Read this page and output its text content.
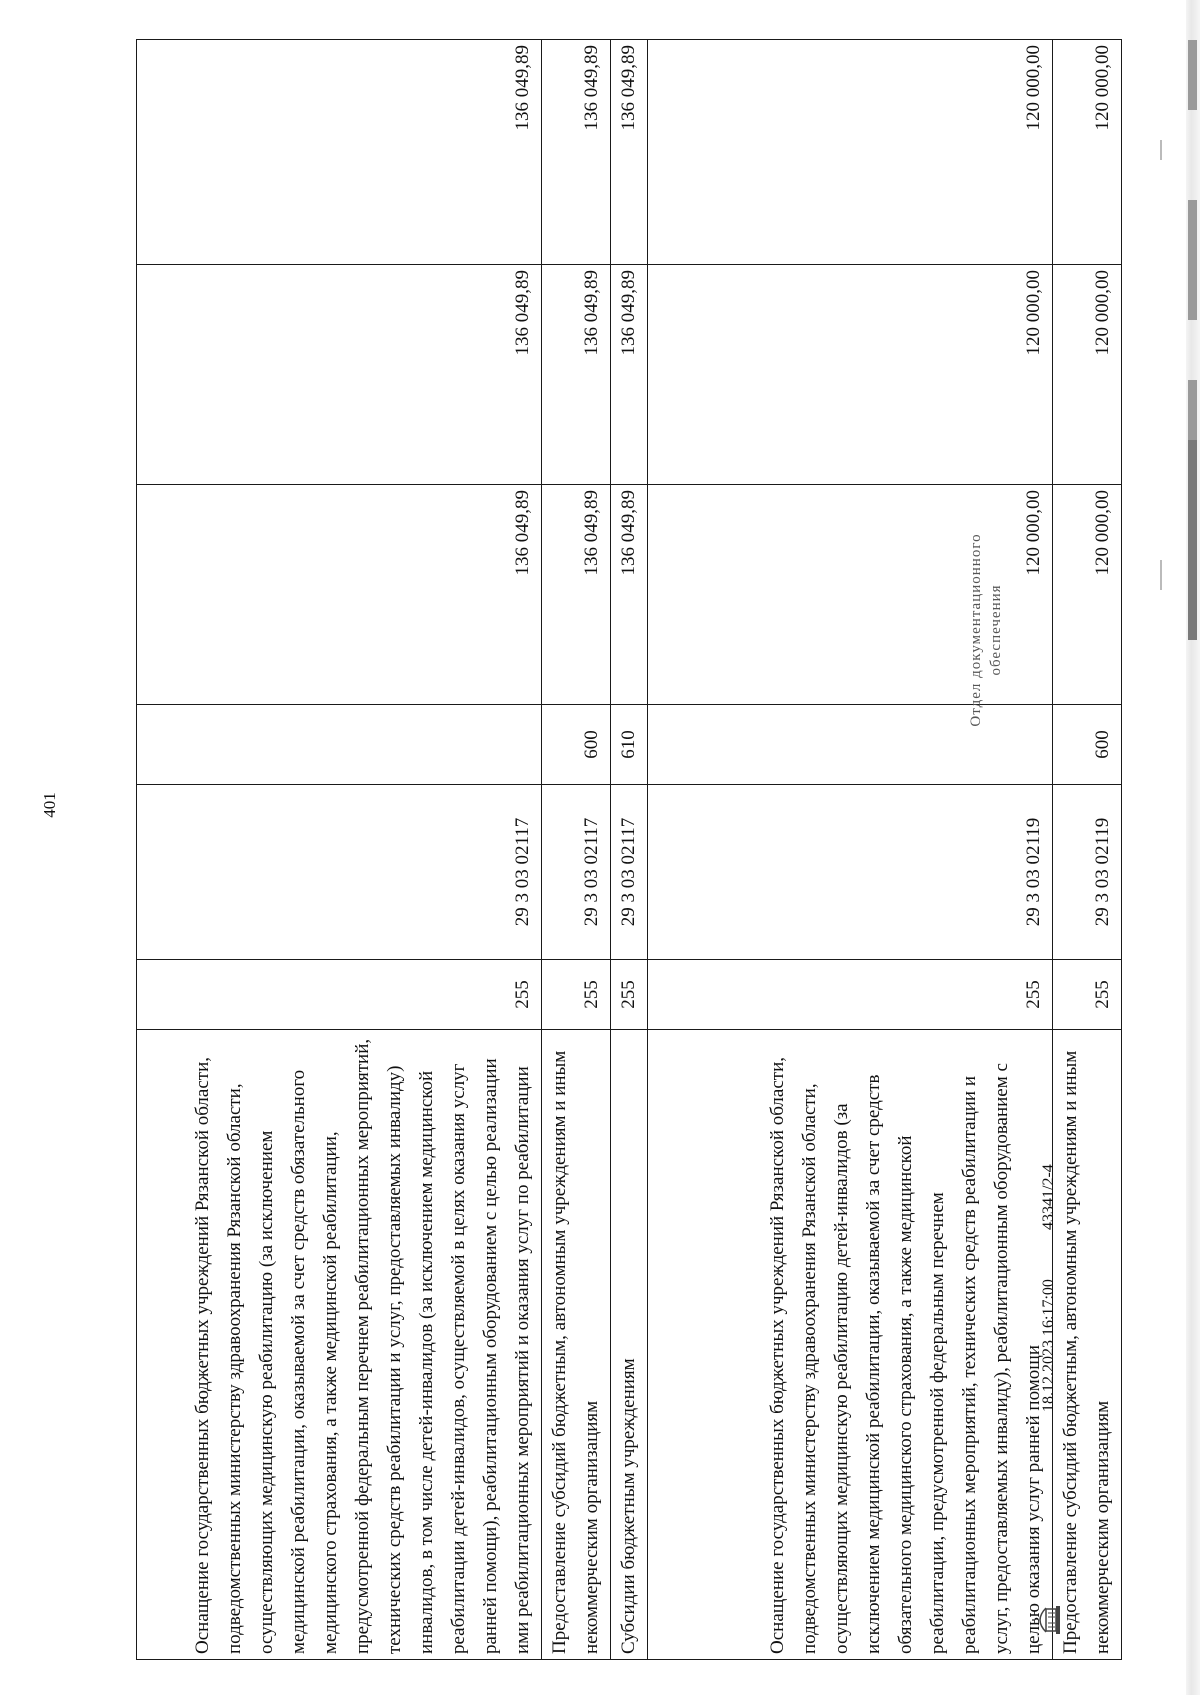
401
Оснащение государственных бюджетных учреждений Рязанской области, подведомственных министерству здравоохранения Рязанской области, осуществляющих медицинскую реабилитацию (за исключением медицинской реабилитации, оказываемой за счет средств обязательного медицинского страхования, а также медицинской реабилитации, предусмотренной федеральным перечнем реабилитационных мероприятий, технических средств реабилитации и услуг, предоставляемых инвалиду) инвалидов, в том числе детей-инвалидов (за исключением медицинской реабилитации детей-инвалидов, осуществляемой в целях оказания услуг ранней помощи), реабилитационным оборудованием с целью реализации ими реабилитационных мероприятий и оказания услуг по реабилитации	255	29 3 03 02117		136 049,89	136 049,89	136 049,89
Предоставление субсидий бюджетным, автономным учреждениям и иным некоммерческим организациям	255	29 3 03 02117	600	136 049,89	136 049,89	136 049,89
Субсидии бюджетным учреждениям	255	29 3 03 02117	610	136 049,89	136 049,89	136 049,89
Оснащение государственных бюджетных учреждений Рязанской области, подведомственных министерству здравоохранения Рязанской области, осуществляющих медицинскую реабилитацию детей-инвалидов (за исключением медицинской реабилитации, оказываемой за счет средств обязательного медицинского страхования, а также медицинской реабилитации, предусмотренной федеральным перечнем реабилитационных мероприятий, технических средств реабилитации и услуг, предоставляемых инвалиду), реабилитационным оборудованием с целью оказания услуг ранней помощи	255	29 3 03 02119		120 000,00	120 000,00	120 000,00
Предоставление субсидий бюджетным, автономным учреждениям и иным некоммерческим организациям	255	29 3 03 02119	600	120 000,00	120 000,00	120 000,00
Отдел документационного обеспечения
18.12.2023 16:17:00
43341/2-4
